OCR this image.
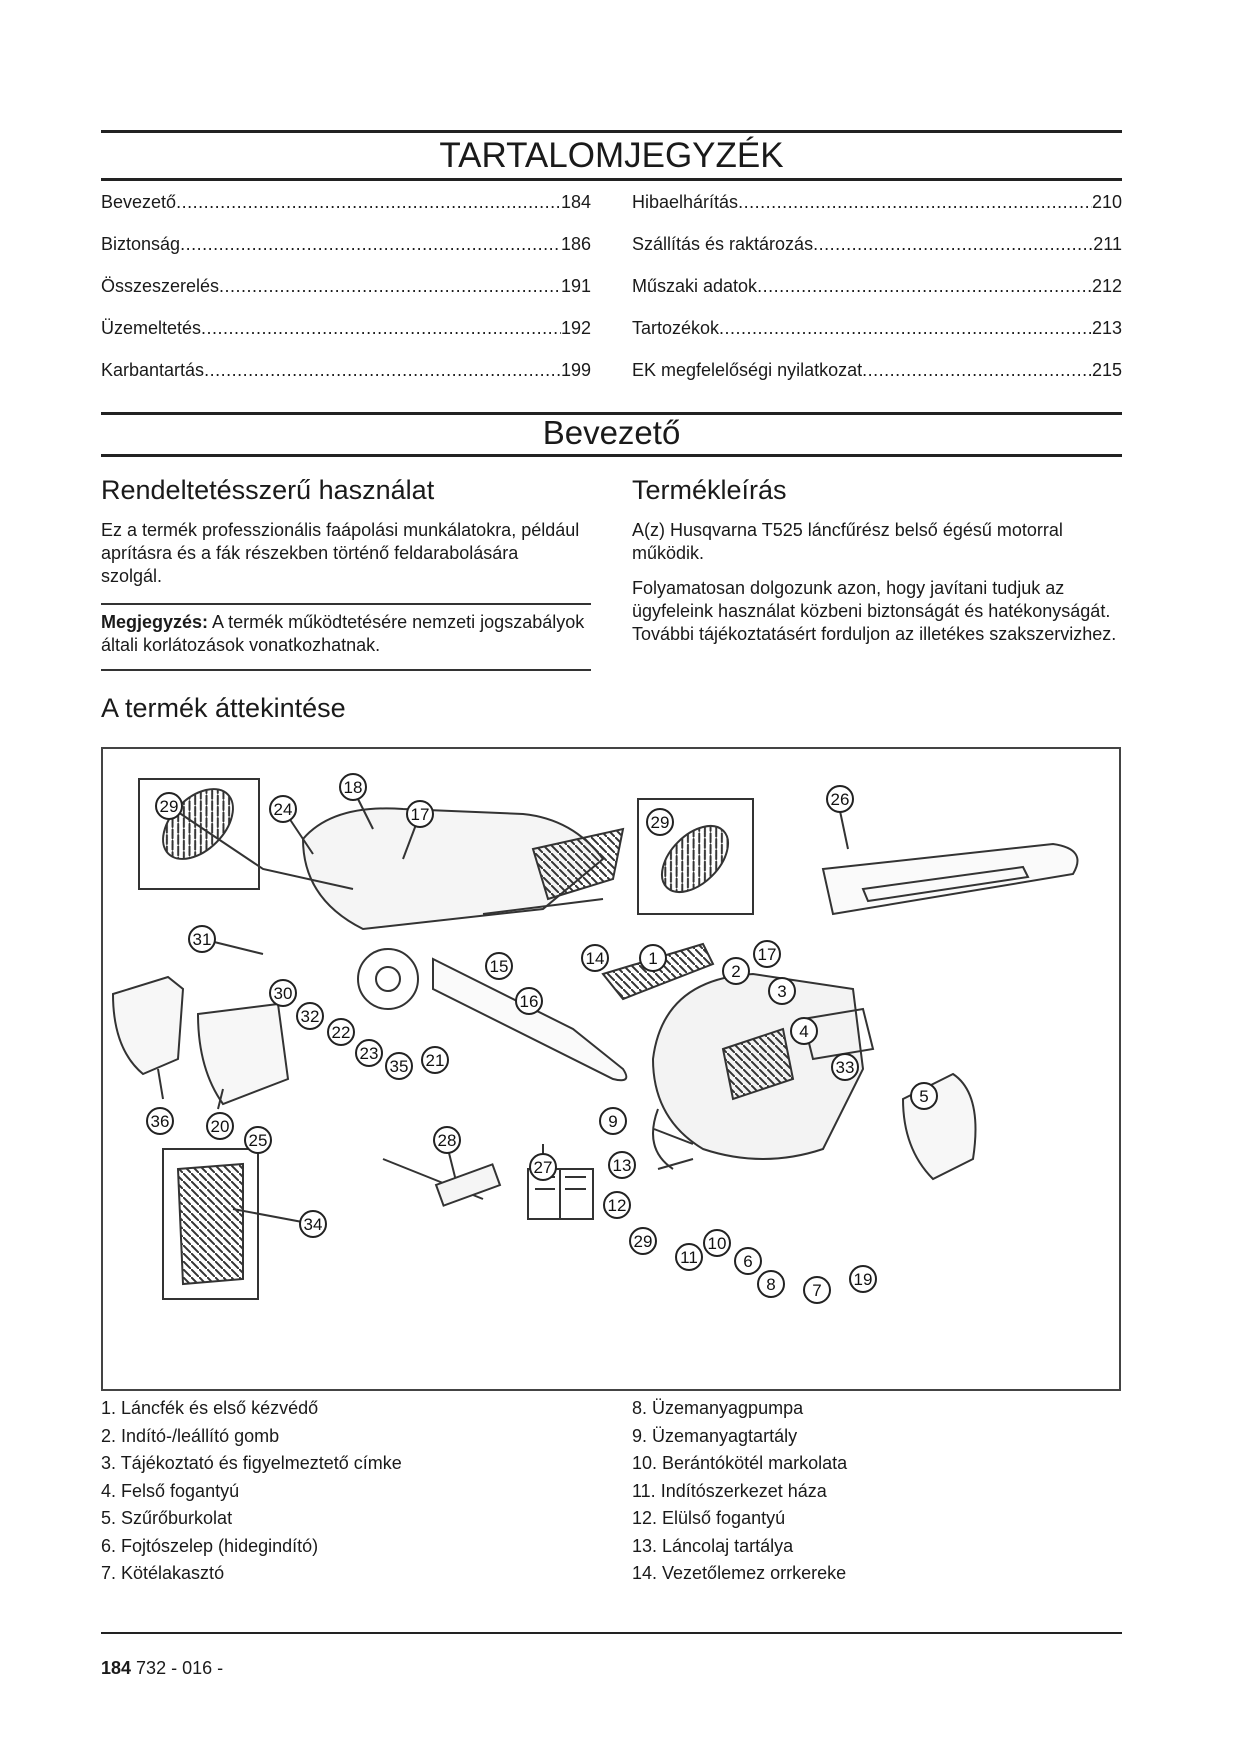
TARTALOMJEGYZÉK
Bevezető .....	184
Biztonság .....	186
Összeszerelés .....	191
Üzemeltetés .....	192
Karbantartás .....	199
Hibaelhárítás .....	210
Szállítás és raktározás .....	211
Műszaki adatok .....	212
Tartozékok .....	213
EK megfelelőségi nyilatkozat .....	215
Bevezető
Rendeltetésszerű használat

Ez a termék professzionális faápolási munkálatokra, például aprításra és a fák részekben történő feldarabolására szolgál.

Megjegyzés: A termék működtetésére nemzeti jogszabályok általi korlátozások vonatkozhatnak.

Termékleírás

A(z) Husqvarna T525 láncfűrész belső égésű motorral működik.

Folyamatosan dolgozunk azon, hogy javítani tudjuk az ügyfeleink használat közbeni biztonságát és hatékonyságát. További tájékoztatásért forduljon az illetékes szakszervizhez.

A termék áttekintése
29	24
18
17	29
26
31
30
32
22
23
35 21
15
16
14	1
2
17
3
4
33
5
36 20
25
34
28
27
9
13
12
29
11
10
6
8 7
19
1. Láncfék és első kézvédő
2. Indító-/leállító gomb
3. Tájékoztató és figyelmeztető címke
4. Felső fogantyú
5. Szűrőburkolat
6. Fojtószelep (hidegindító)
7. Kötélakasztó
8. Üzemanyagpumpa
9. Üzemanyagtartály
10. Berántókötél markolata
11. Indítószerkezet háza
12. Elülső fogantyú
13. Láncolaj tartálya
14. Vezetőlemez orrkereke
184 732 - 016 -
